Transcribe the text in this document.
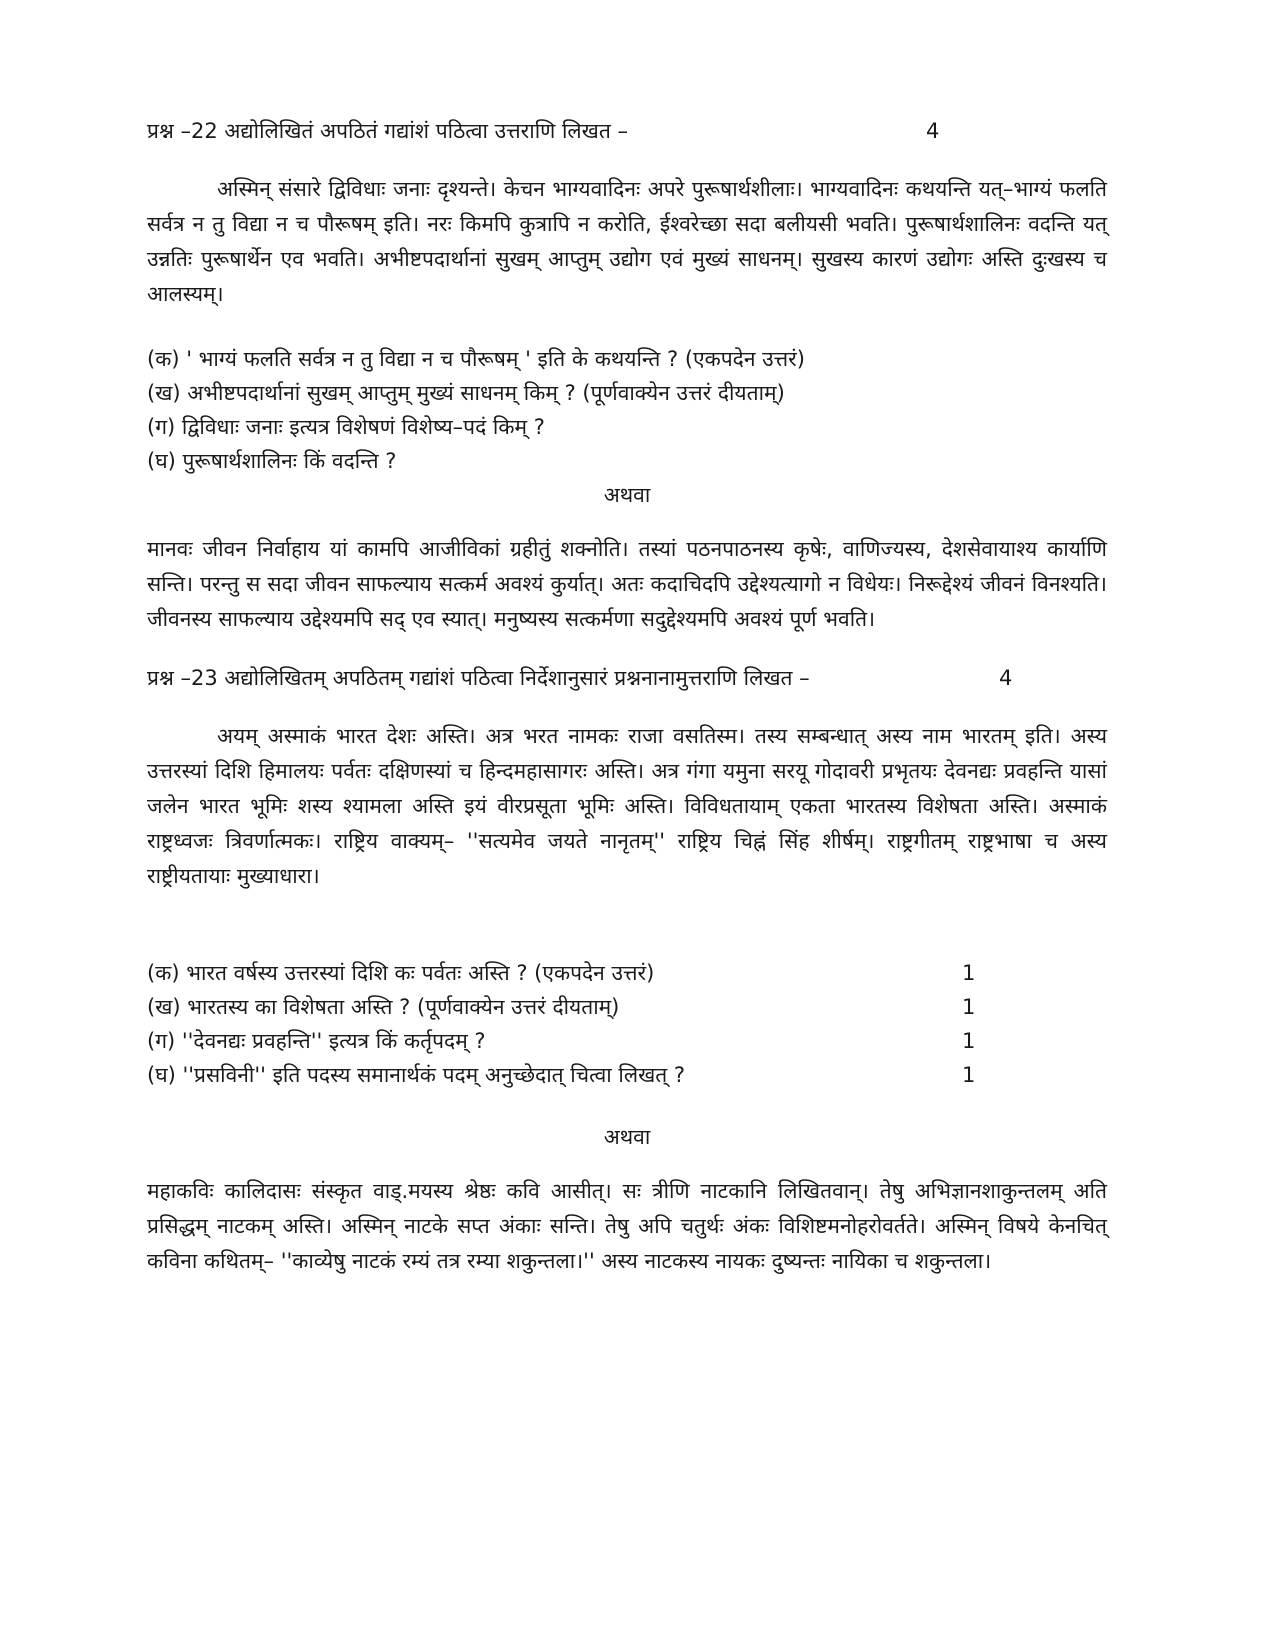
प्रश्न –22 अद्योलिखितं अपठितं गद्यांशं पठित्वा उत्तराणि लिखत –	4

अस्मिन् संसारे द्विविधाः जनाः दृश्यन्ते। केचन भाग्यवादिनः अपरे पुरूषार्थशीलाः। भाग्यवादिनः कथयन्ति यत्–भाग्यं फलति सर्वत्र न तु विद्या न च पौरूषम् इति। नरः किमपि कुत्रापि न करोति, ईश्वरेच्छा सदा बलीयसी भवति। पुरूषार्थशालिनः वदन्ति यत् उन्नतिः पुरूषार्थेन एव भवति। अभीष्टपदार्थानां सुखम् आप्तुम् उद्योग एवं मुख्यं साधनम्। सुखस्य कारणं उद्योगः अस्ति दुःखस्य च आलस्यम्।

(क) ' भाग्यं फलति सर्वत्र न तु विद्या न च पौरूषम् ' इति के कथयन्ति ? (एकपदेन उत्तरं)
(ख) अभीष्टपदार्थानां सुखम् आप्तुम् मुख्यं साधनम् किम् ? (पूर्णवाक्येन उत्तरं दीयताम्)
(ग) द्विविधाः जनाः इत्यत्र विशेषणं विशेष्य–पदं किम् ?
(घ) पुरूषार्थशालिनः किं वदन्ति ?
अथवा

मानवः जीवन निर्वाहाय यां कामपि आजीविकां ग्रहीतुं शक्नोति। तस्यां पठनपाठनस्य कृषेः, वाणिज्यस्य, देशसेवायाश्य कार्याणि सन्ति। परन्तु स सदा जीवन साफल्याय सत्कर्म अवश्यं कुर्यात्। अतः कदाचिदपि उद्देश्यत्यागो न विधेयः। निरूद्देश्यं जीवनं विनश्यति। जीवनस्य साफल्याय उद्देश्यमपि सद् एव स्यात्। मनुष्यस्य सत्कर्मणा सदुद्देश्यमपि अवश्यं पूर्ण भवति।

प्रश्न –23 अद्योलिखितम् अपठितम् गद्यांशं पठित्वा निर्देशानुसारं प्रश्ननानामुत्तराणि लिखत –	4

अयम् अस्माकं भारत देशः अस्ति। अत्र भरत नामकः राजा वसतिस्म। तस्य सम्बन्धात् अस्य नाम भारतम् इति। अस्य उत्तरस्यां दिशि हिमालयः पर्वतः दक्षिणस्यां च हिन्दमहासागरः अस्ति। अत्र गंगा यमुना सरयू गोदावरी प्रभृतयः देवनद्यः प्रवहन्ति यासां जलेन भारत भूमिः शस्य श्यामला अस्ति इयं वीरप्रसूता भूमिः अस्ति। विविधतायाम् एकता भारतस्य विशेषता अस्ति। अस्माकं राष्ट्रध्वजः त्रिवर्णात्मकः। राष्ट्रिय वाक्यम्– ''सत्यमेव जयते नानृतम्'' राष्ट्रिय चिह्नं सिंह शीर्षम्। राष्ट्रगीतम् राष्ट्रभाषा च अस्य राष्ट्रीयतायाः मुख्याधारा।

(क) भारत वर्षस्य उत्तरस्यां दिशि कः पर्वतः अस्ति ? (एकपदेन उत्तरं)	1
(ख) भारतस्य का विशेषता अस्ति ? (पूर्णवाक्येन उत्तरं दीयताम्)	1
(ग) ''देवनद्यः प्रवहन्ति'' इत्यत्र किं कर्तृपदम् ?	1
(घ) ''प्रसविनी'' इति पदस्य समानार्थकं पदम् अनुच्छेदात् चित्वा लिखत् ?	1
अथवा

महाकविः कालिदासः संस्कृत वाड्.मयस्य श्रेष्ठः कवि आसीत्। सः त्रीणि नाटकानि लिखितवान्। तेषु अभिज्ञानशाकुन्तलम् अति प्रसिद्धम् नाटकम् अस्ति। अस्मिन् नाटके सप्त अंकाः सन्ति। तेषु अपि चतुर्थः अंकः विशिष्टमनोहरोवर्तते। अस्मिन् विषये केनचित् कविना कथितम्– ''काव्येषु नाटकं रम्यं तत्र रम्या शकुन्तला।'' अस्य नाटकस्य नायकः दुष्यन्तः नायिका च शकुन्तला।
